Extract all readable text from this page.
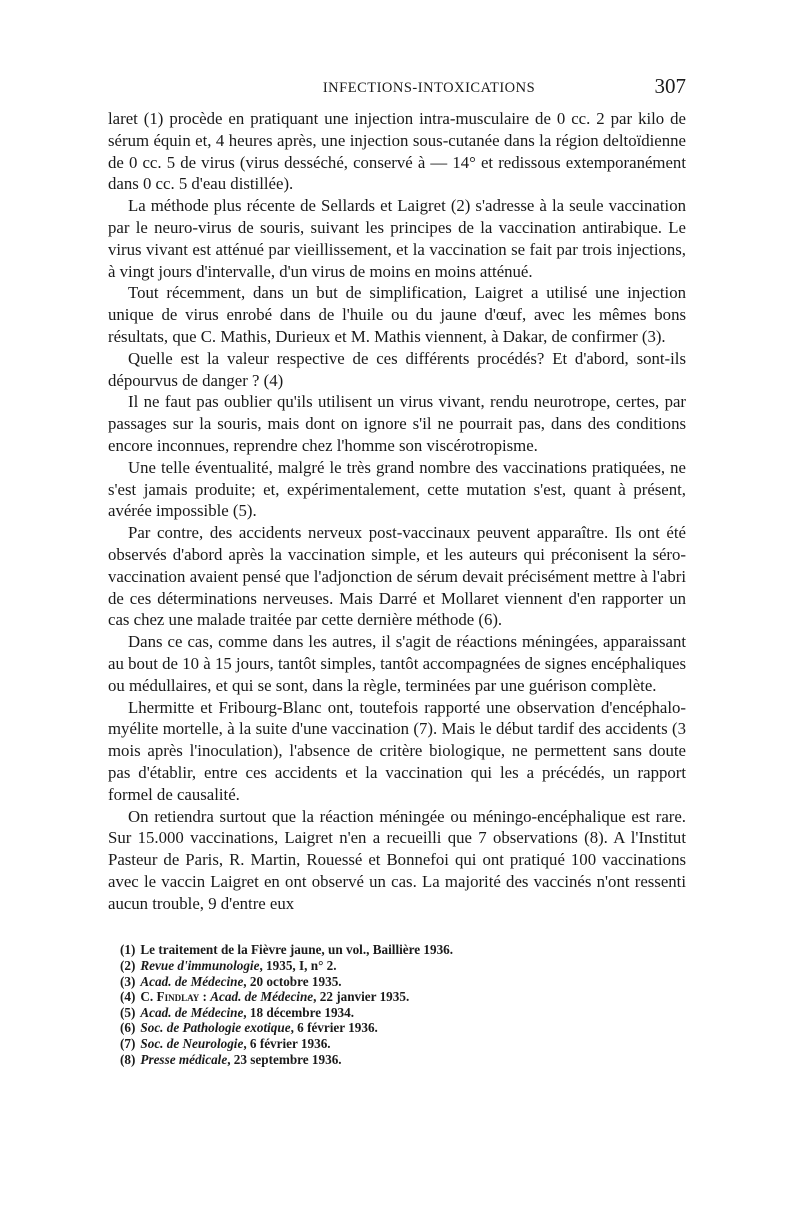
INFECTIONS-INTOXICATIONS	307

laret (1) procède en pratiquant une injection intra-musculaire de 0 cc. 2 par kilo de sérum équin et, 4 heures après, une injection sous-cutanée dans la région deltoïdienne de 0 cc. 5 de virus (virus desséché, conservé à — 14° et redissous extemporanément dans 0 cc. 5 d'eau distillée).

La méthode plus récente de Sellards et Laigret (2) s'adresse à la seule vaccination par le neuro-virus de souris, suivant les principes de la vaccination antirabique. Le virus vivant est atténué par vieillissement, et la vaccination se fait par trois injections, à vingt jours d'intervalle, d'un virus de moins en moins atténué.

Tout récemment, dans un but de simplification, Laigret a utilisé une injection unique de virus enrobé dans de l'huile ou du jaune d'œuf, avec les mêmes bons résultats, que C. Mathis, Durieux et M. Mathis viennent, à Dakar, de confirmer (3).

Quelle est la valeur respective de ces différents procédés? Et d'abord, sont-ils dépourvus de danger ? (4)

Il ne faut pas oublier qu'ils utilisent un virus vivant, rendu neurotrope, certes, par passages sur la souris, mais dont on ignore s'il ne pourrait pas, dans des conditions encore inconnues, reprendre chez l'homme son viscérotropisme.

Une telle éventualité, malgré le très grand nombre des vaccinations pratiquées, ne s'est jamais produite; et, expérimentalement, cette mutation s'est, quant à présent, avérée impossible (5).

Par contre, des accidents nerveux post-vaccinaux peuvent apparaître. Ils ont été observés d'abord après la vaccination simple, et les auteurs qui préconisent la séro-vaccination avaient pensé que l'adjonction de sérum devait précisément mettre à l'abri de ces déterminations nerveuses. Mais Darré et Mollaret viennent d'en rapporter un cas chez une malade traitée par cette dernière méthode (6).

Dans ce cas, comme dans les autres, il s'agit de réactions méningées, apparaissant au bout de 10 à 15 jours, tantôt simples, tantôt accompagnées de signes encéphaliques ou médullaires, et qui se sont, dans la règle, terminées par une guérison complète.

Lhermitte et Fribourg-Blanc ont, toutefois rapporté une observation d'encéphalo-myélite mortelle, à la suite d'une vaccination (7). Mais le début tardif des accidents (3 mois après l'inoculation), l'absence de critère biologique, ne permettent sans doute pas d'établir, entre ces accidents et la vaccination qui les a précédés, un rapport formel de causalité.

On retiendra surtout que la réaction méningée ou méningo-encéphalique est rare. Sur 15.000 vaccinations, Laigret n'en a recueilli que 7 observations (8). A l'Institut Pasteur de Paris, R. Martin, Rouessé et Bonnefoi qui ont pratiqué 100 vaccinations avec le vaccin Laigret en ont observé un cas. La majorité des vaccinés n'ont ressenti aucun trouble, 9 d'entre eux

(1) Le traitement de la Fièvre jaune, un vol., Baillière 1936.
(2) Revue d'immunologie, 1935, I, n° 2.
(3) Acad. de Médecine, 20 octobre 1935.
(4) C. Findlay : Acad. de Médecine, 22 janvier 1935.
(5) Acad. de Médecine, 18 décembre 1934.
(6) Soc. de Pathologie exotique, 6 février 1936.
(7) Soc. de Neurologie, 6 février 1936.
(8) Presse médicale, 23 septembre 1936.
